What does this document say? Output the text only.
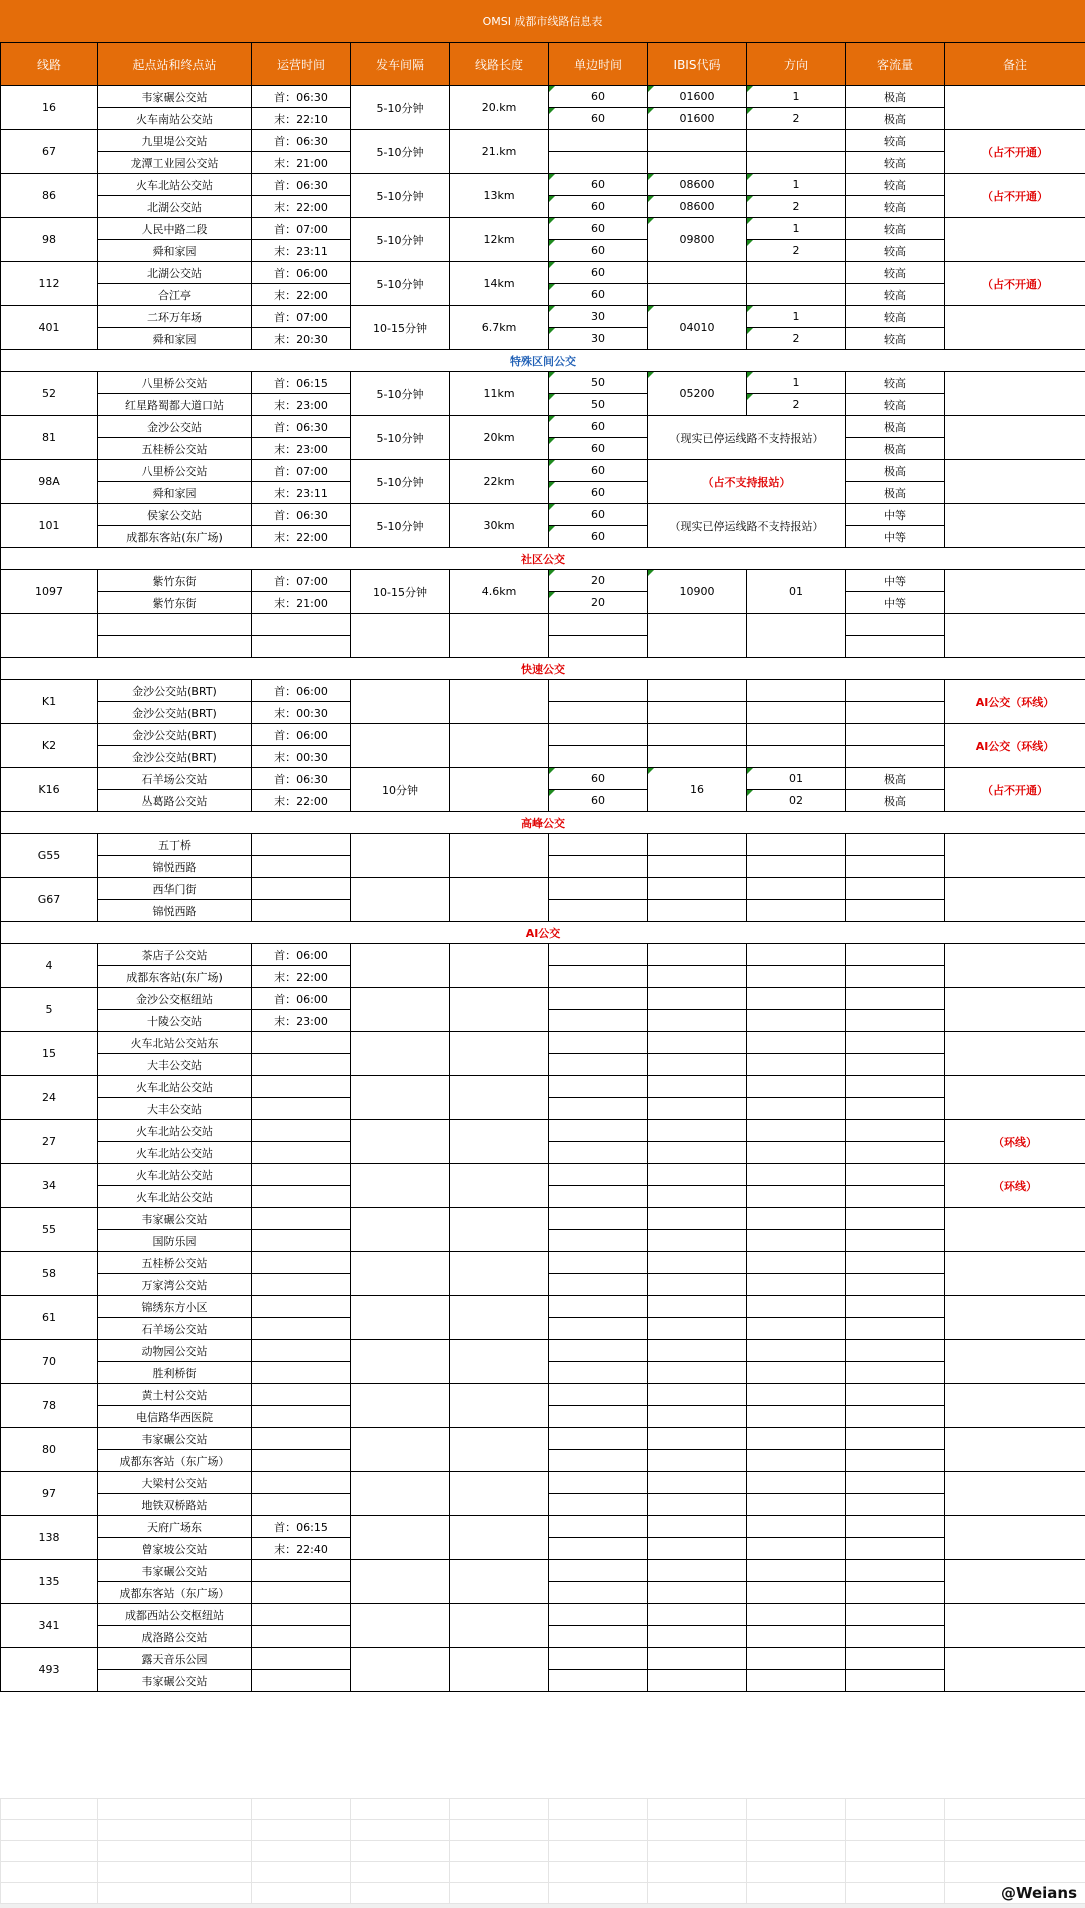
OMSI 成都市线路信息表
线路	起点站和终点站	运营时间	发车间隔	线路长度	单边时间	IBIS代码	方向	客流量	备注
16	韦家碾公交站	首：06:30	5-10分钟	20.km	60	01600	1	极高	
	火车南站公交站	末：22:10			60	01600	2	极高	
67	九里堤公交站	首：06:30	5-10分钟	21.km				较高	（占不开通）
	龙潭工业园公交站	末：21:00						较高	
86	火车北站公交站	首：06:30	5-10分钟	13km	60	08600	1	较高	（占不开通）
	北湖公交站	末：22:00			60	08600	2	较高	
98	人民中路二段	首：07:00	5-10分钟	12km	60	09800	1	较高	
	舜和家园	末：23:11			60		2	较高	
112	北湖公交站	首：06:00	5-10分钟	14km	60			较高	（占不开通）
	合江亭	末：22:00			60			较高	
401	二环万年场	首：07:00	10-15分钟	6.7km	30	04010	1	较高	
	舜和家园	末：20:30			30		2	较高	
特殊区间公交									
52	八里桥公交站	首：06:15	5-10分钟	11km	50	05200	1	较高	
	红星路蜀都大道口站	末：23:00			50		2	较高	
81	金沙公交站	首：06:30	5-10分钟	20km	60	（现实已停运线路不支持报站）		极高	
	五桂桥公交站	末：23:00			60			极高	
98A	八里桥公交站	首：07:00	5-10分钟	22km	60	（占不支持报站）		极高	
	舜和家园	末：23:11			60			极高	
101	侯家公交站	首：06:30	5-10分钟	30km	60	（现实已停运线路不支持报站）		中等	
	成都东客站(东广场)	末：22:00			60			中等	
社区公交									
1097	紫竹东街	首：07:00	10-15分钟	4.6km	20	10900	01	中等	
	紫竹东街	末：21:00			20			中等	

快速公交									
K1	金沙公交站(BRT)	首：06:00							AI公交（环线）
	金沙公交站(BRT)	末：00:30							
K2	金沙公交站(BRT)	首：06:00							AI公交（环线）
	金沙公交站(BRT)	末：00:30							
K16	石羊场公交站	首：06:30	10分钟		60	16	01	极高	（占不开通）
	丛葛路公交站	末：22:00			60		02	极高	
高峰公交									
G55	五丁桥								
	锦悦西路								
G67	西华门街								
	锦悦西路								
AI公交									
4	茶店子公交站	首：06:00							
	成都东客站(东广场)	末：22:00							
5	金沙公交枢纽站	首：06:00							
	十陵公交站	末：23:00							
15	火车北站公交站东								
	大丰公交站								
24	火车北站公交站								
	大丰公交站								
27	火车北站公交站								（环线）
	火车北站公交站								
34	火车北站公交站								（环线）
	火车北站公交站								
55	韦家碾公交站								
	国防乐园								
58	五桂桥公交站								
	万家湾公交站								
61	锦绣东方小区								
	石羊场公交站								
70	动物园公交站								
	胜利桥街								
78	黄土村公交站								
	电信路华西医院								
80	韦家碾公交站								
	成都东客站（东广场）								
97	大梁村公交站								
	地铁双桥路站								
138	天府广场东	首：06:15							
	曾家坡公交站	末：22:40							
135	韦家碾公交站								
	成都东客站（东广场）								
341	成都西站公交枢纽站								
	成洛路公交站								
493	露天音乐公园								
	韦家碾公交站								

@Weians
